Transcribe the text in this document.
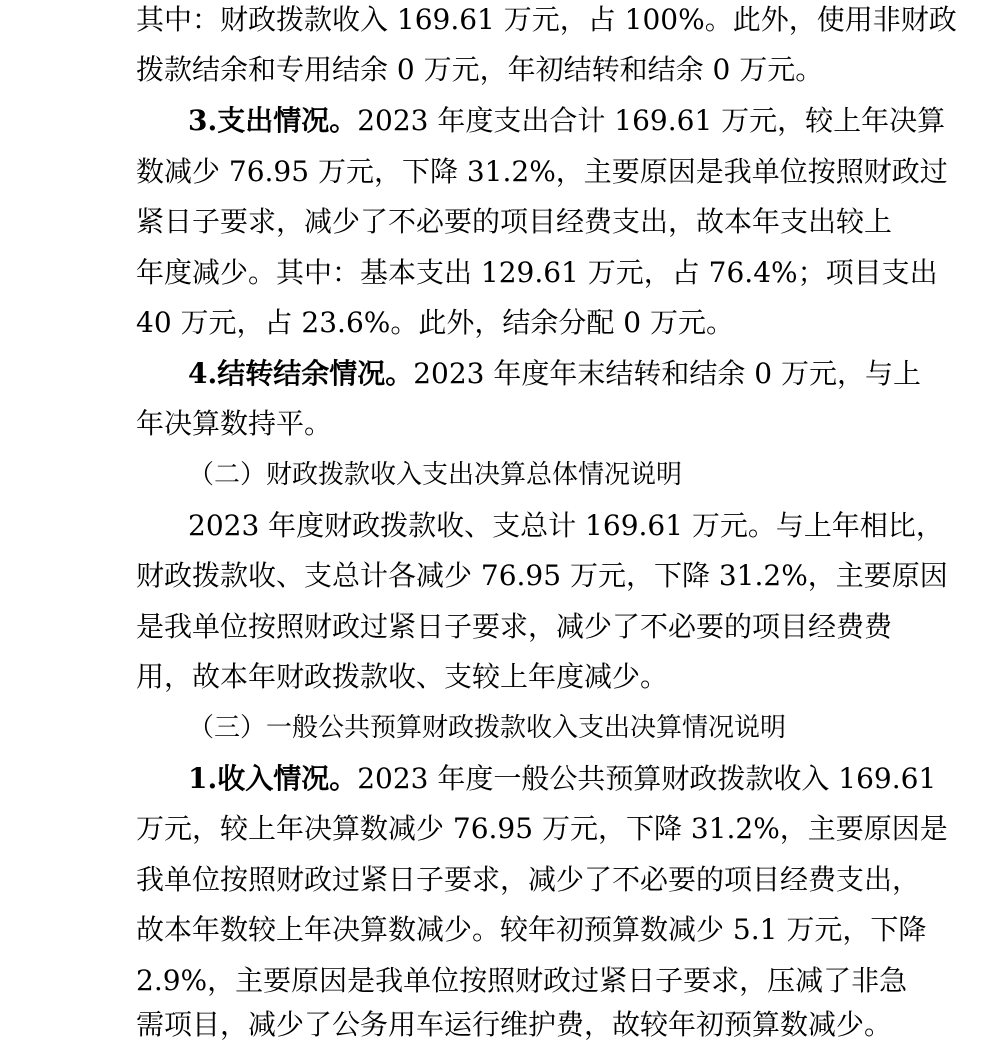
其中：财政拨款收入 169.61 万元，占 100%。此外，使用非财政
拨款结余和专用结余 0 万元，年初结转和结余 0 万元。
3.支出情况。2023 年度支出合计 169.61 万元，较上年决算
数减少 76.95 万元，下降 31.2%，主要原因是我单位按照财政过
紧日子要求，减少了不必要的项目经费支出，故本年支出较上
年度减少。其中：基本支出 129.61 万元，占 76.4%；项目支出
40 万元，占 23.6%。此外，结余分配 0 万元。
4.结转结余情况。2023 年度年末结转和结余 0 万元，与上
年决算数持平。
（二）财政拨款收入支出决算总体情况说明
2023 年度财政拨款收、支总计 169.61 万元。与上年相比，
财政拨款收、支总计各减少 76.95 万元，下降 31.2%，主要原因
是我单位按照财政过紧日子要求，减少了不必要的项目经费费
用，故本年财政拨款收、支较上年度减少。
（三）一般公共预算财政拨款收入支出决算情况说明
1.收入情况。2023 年度一般公共预算财政拨款收入 169.61
万元，较上年决算数减少 76.95 万元，下降 31.2%，主要原因是
我单位按照财政过紧日子要求，减少了不必要的项目经费支出，
故本年数较上年决算数减少。较年初预算数减少 5.1 万元，下降
2.9%，主要原因是我单位按照财政过紧日子要求，压减了非急
需项目，减少了公务用车运行维护费，故较年初预算数减少。
